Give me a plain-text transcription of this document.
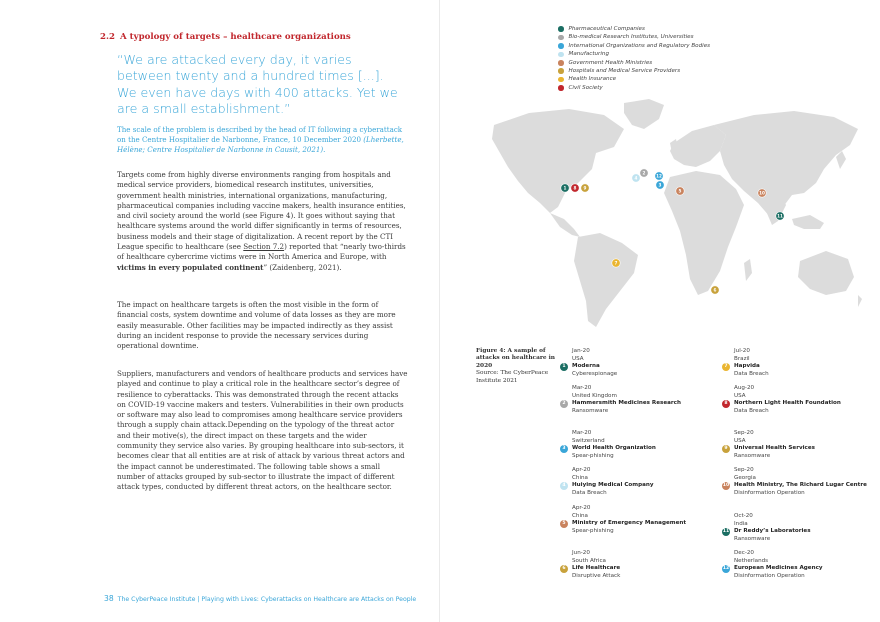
2.2 A typology of targets – healthcare organizations
“We are attacked every day, it varies between twenty and a hundred times [...]. We even have days with 400 attacks. Yet we are a small establishment.”
The scale of the problem is described by the head of IT following a cyberattack on the Centre Hospitalier de Narbonne, France, 10 December 2020 (Lherbette, Hélène; Centre Hospitalier de Narbonne in Causit, 2021).
Targets come from highly diverse environments ranging from hospitals and medical service providers, biomedical research institutes, universities, government health ministries, international organizations, manufacturing, pharmaceutical companies including vaccine makers, health insurance entities, and civil society around the world (see Figure 4). It goes without saying that healthcare systems around the world differ significantly in terms of resources, business models and their stage of digitalization. A recent report by the CTI League specific to healthcare (see Section 7.2) reported that “nearly two-thirds of healthcare cybercrime victims were in North America and Europe, with victims in every populated continent” (Zaidenberg, 2021).
The impact on healthcare targets is often the most visible in the form of financial costs, system downtime and volume of data losses as they are more easily measurable. Other facilities may be impacted indirectly as they assist during an incident response to provide the necessary services during operational downtime.
Suppliers, manufacturers and vendors of healthcare products and services have played and continue to play a critical role in the healthcare sector’s degree of resilience to cyberattacks. This was demonstrated through the recent attacks on COVID-19 vaccine makers and testers. Vulnerabilities in their own products or software may also lead to compromises among healthcare service providers through a supply chain attack.Depending on the typology of the threat actor and their motive(s), the direct impact on these targets and the wider community they service also varies. By grouping healthcare into sub-sectors, it becomes clear that all entities are at risk of attack by various threat actors and the impact cannot be underestimated. The following table shows a small number of attacks grouped by sub-sector to illustrate the impact of different attack types, conducted by different threat actors, on the healthcare sector.
38 The CyberPeace Institute | Playing with Lives: Cyberattacks on Healthcare are Attacks on People
Pharmaceutical Companies
Bio-medical Research Institutes, Universities
International Organizations and Regulatory Bodies
Manufacturing
Government Health Ministries
Hospitals and Medical Service Providers
Health Insurance
Civil Society
1
2
3
4
5
6
7
8 9
10
11
12
Figure 4: A sample of attacks on healthcare in 2020
Source: The CyberPeace Institute 2021
Jan-20
USA
1	Moderna
Cyberespionage
Mar-20
United Kingdom
2	Hammersmith Medicines Research
Ransomware
Mar-20
Switzerland
3	World Health Organization
Spear-phishing
Apr-20
China
4	Huiying Medical Company
Data Breach
Apr-20
China
5	Ministry of Emergency Management
Spear-phishing
Jun-20
South Africa
6	Life Healthcare
Disruptive Attack
Jul-20
Brazil
7	Hapvida
Data Breach
Aug-20
USA
8	Northern Light Health Foundation
Data Breach
Sep-20
USA
9	Universal Health Services
Ransomware
Sep-20
Georgia
10 Health Ministry, The Richard Lugar Centre
Disinformation Operation
Oct-20
India
11 Dr Reddy’s Laboratories
Ransomware
Dec-20
Netherlands
12 European Medicines Agency
Disinformation Operation
